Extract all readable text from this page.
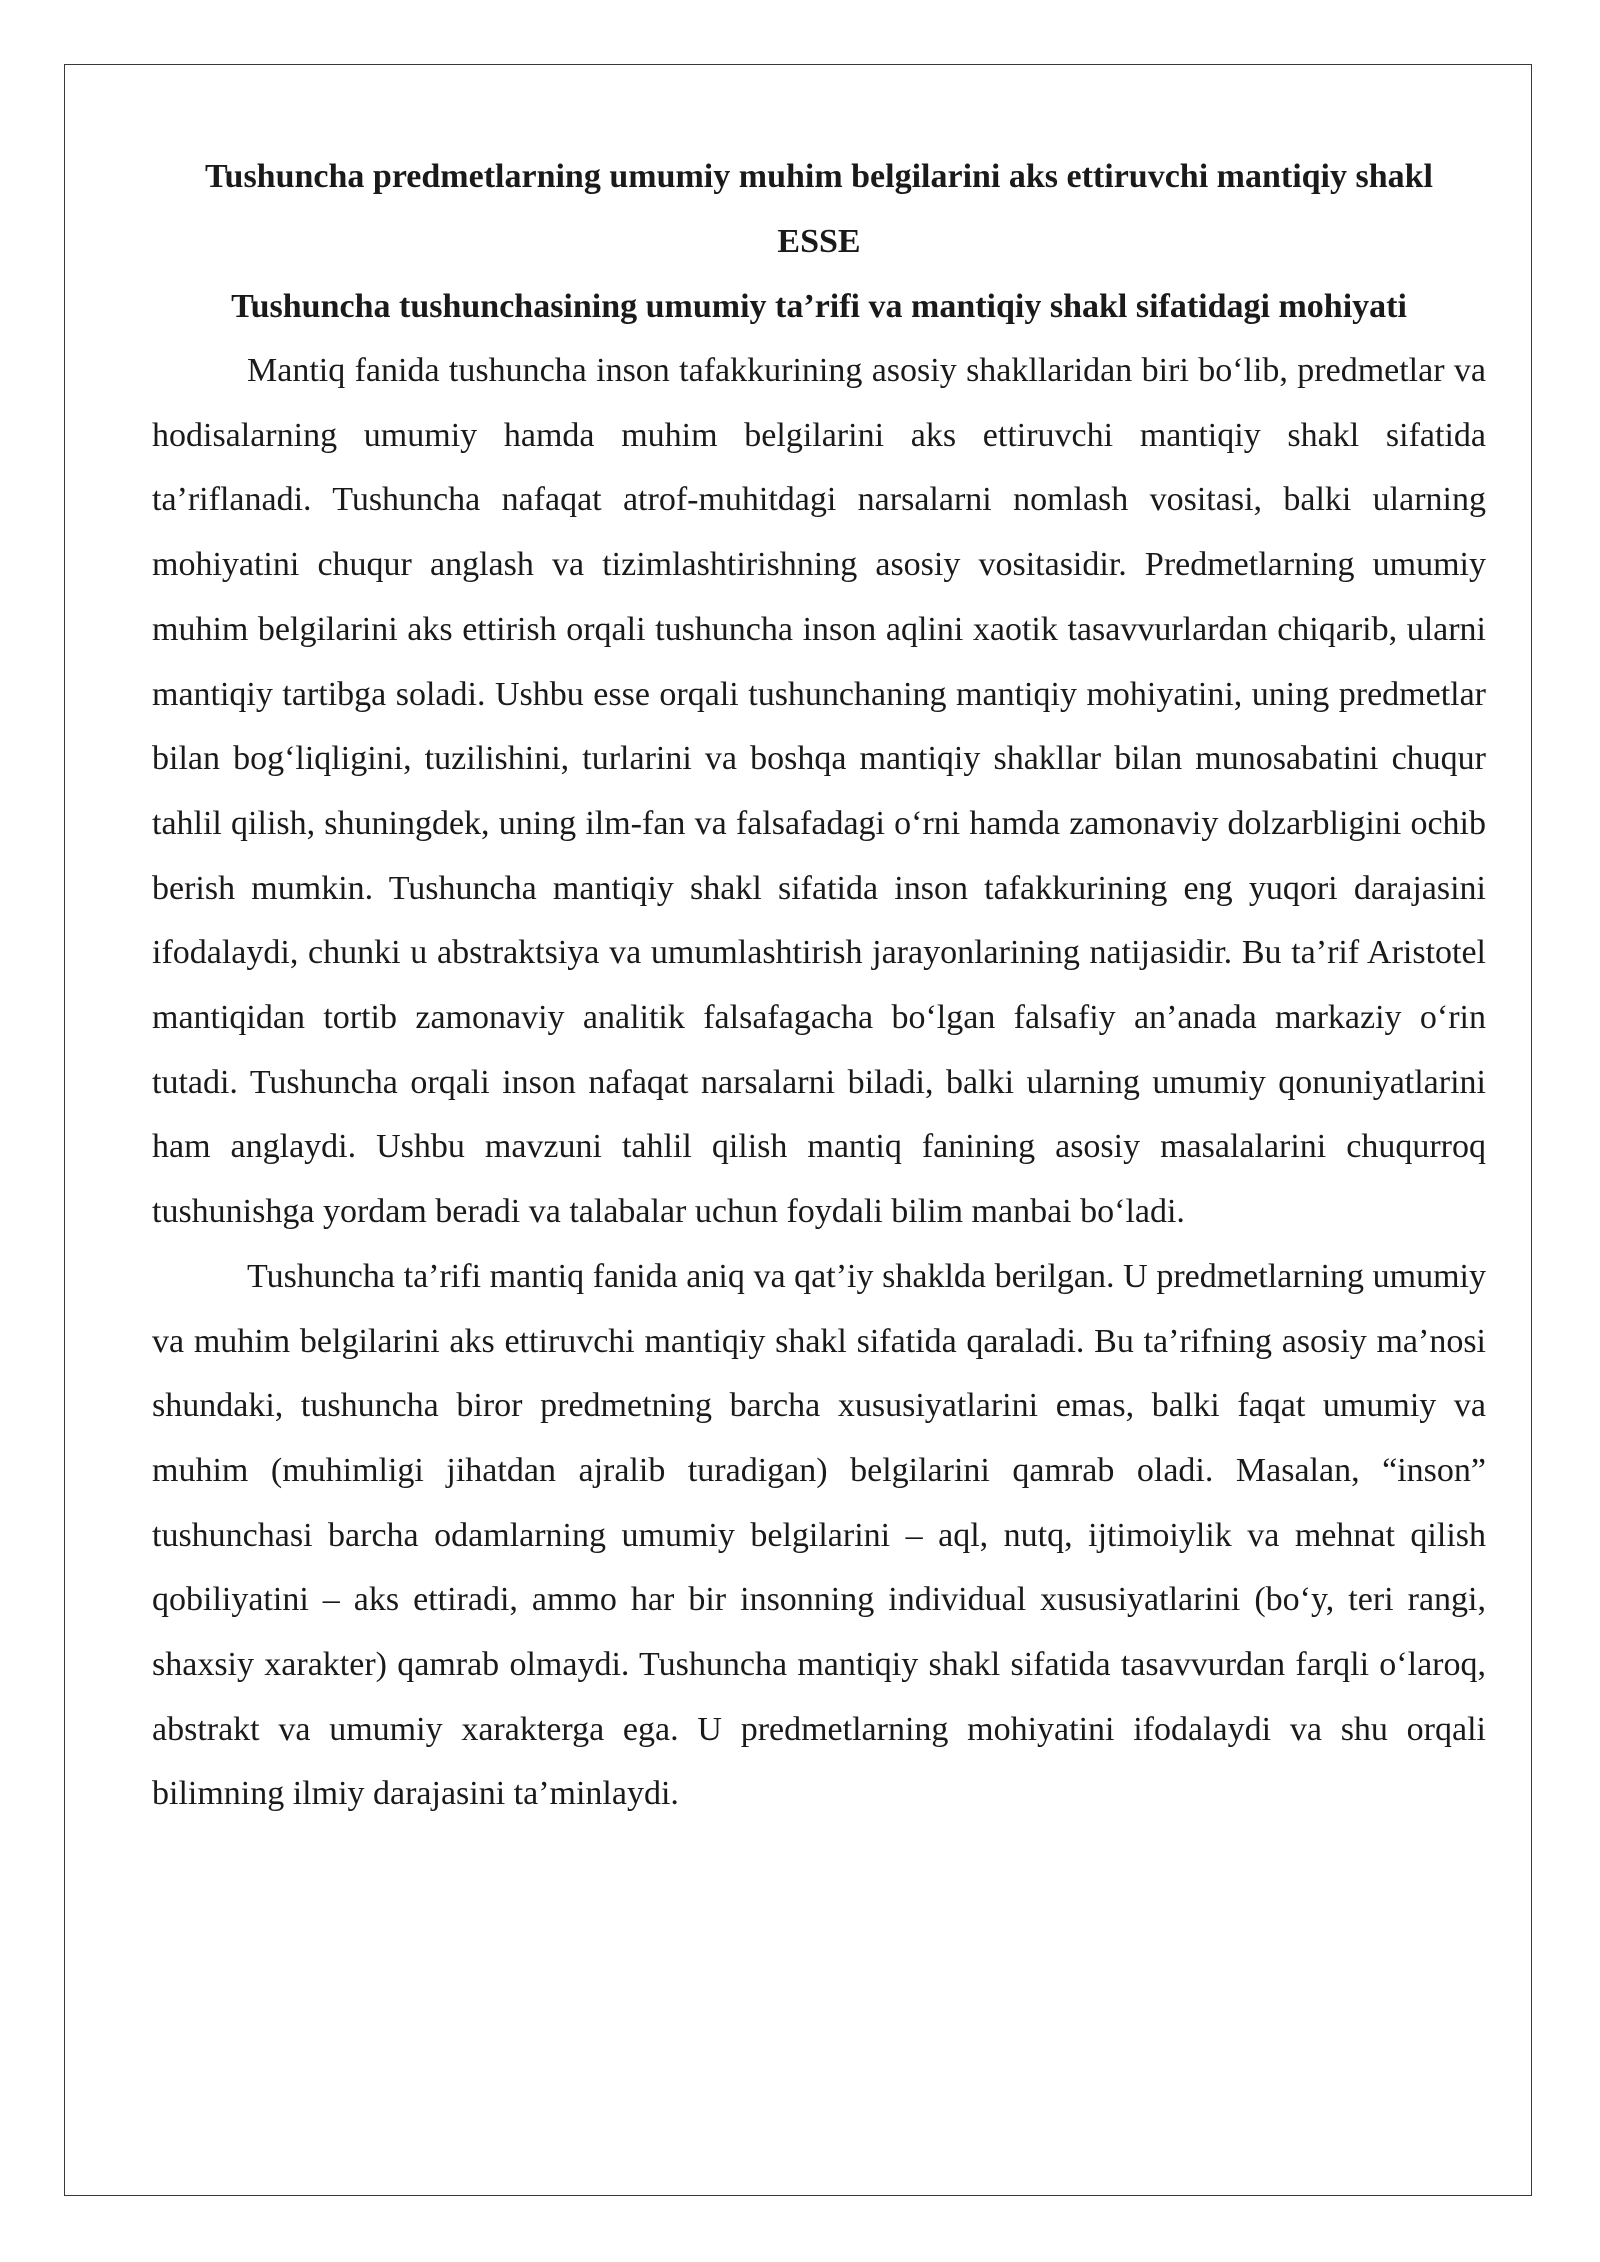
Tushuncha predmetlarning umumiy muhim belgilarini aks ettiruvchi mantiqiy shakl
ESSE
Tushuncha tushunchasining umumiy ta’rifi va mantiqiy shakl sifatidagi mohiyati

Mantiq fanida tushuncha inson tafakkurining asosiy shakllaridan biri bo‘lib, predmetlar va hodisalarning umumiy hamda muhim belgilarini aks ettiruvchi mantiqiy shakl sifatida ta’riflanadi. Tushuncha nafaqat atrof-muhitdagi narsalarni nomlash vositasi, balki ularning mohiyatini chuqur anglash va tizimlashtirishning asosiy vositasidir. Predmetlarning umumiy muhim belgilarini aks ettirish orqali tushuncha inson aqlini xaotik tasavvurlardan chiqarib, ularni mantiqiy tartibga soladi. Ushbu esse orqali tushunchaning mantiqiy mohiyatini, uning predmetlar bilan bog‘liqligini, tuzilishini, turlarini va boshqa mantiqiy shakllar bilan munosabatini chuqur tahlil qilish, shuningdek, uning ilm-fan va falsafadagi o‘rni hamda zamonaviy dolzarbligini ochib berish mumkin. Tushuncha mantiqiy shakl sifatida inson tafakkurining eng yuqori darajasini ifodalaydi, chunki u abstraktsiya va umumlashtirish jarayonlarining natijasidir. Bu ta’rif Aristotel mantiqidan tortib zamonaviy analitik falsafagacha bo‘lgan falsafiy an’anada markaziy o‘rin tutadi. Tushuncha orqali inson nafaqat narsalarni biladi, balki ularning umumiy qonuniyatlarini ham anglaydi. Ushbu mavzuni tahlil qilish mantiq fanining asosiy masalalarini chuqurroq tushunishga yordam beradi va talabalar uchun foydali bilim manbai bo‘ladi.

Tushuncha ta’rifi mantiq fanida aniq va qat’iy shaklda berilgan. U predmetlarning umumiy va muhim belgilarini aks ettiruvchi mantiqiy shakl sifatida qaraladi. Bu ta’rifning asosiy ma’nosi shundaki, tushuncha biror predmetning barcha xususiyatlarini emas, balki faqat umumiy va muhim (muhimligi jihatdan ajralib turadigan) belgilarini qamrab oladi. Masalan, “inson” tushunchasi barcha odamlarning umumiy belgilarini – aql, nutq, ijtimoiylik va mehnat qilish qobiliyatini – aks ettiradi, ammo har bir insonning individual xususiyatlarini (bo‘y, teri rangi, shaxsiy xarakter) qamrab olmaydi. Tushuncha mantiqiy shakl sifatida tasavvurdan farqli o‘laroq, abstrakt va umumiy xarakterga ega. U predmetlarning mohiyatini ifodalaydi va shu orqali bilimning ilmiy darajasini ta’minlaydi.
